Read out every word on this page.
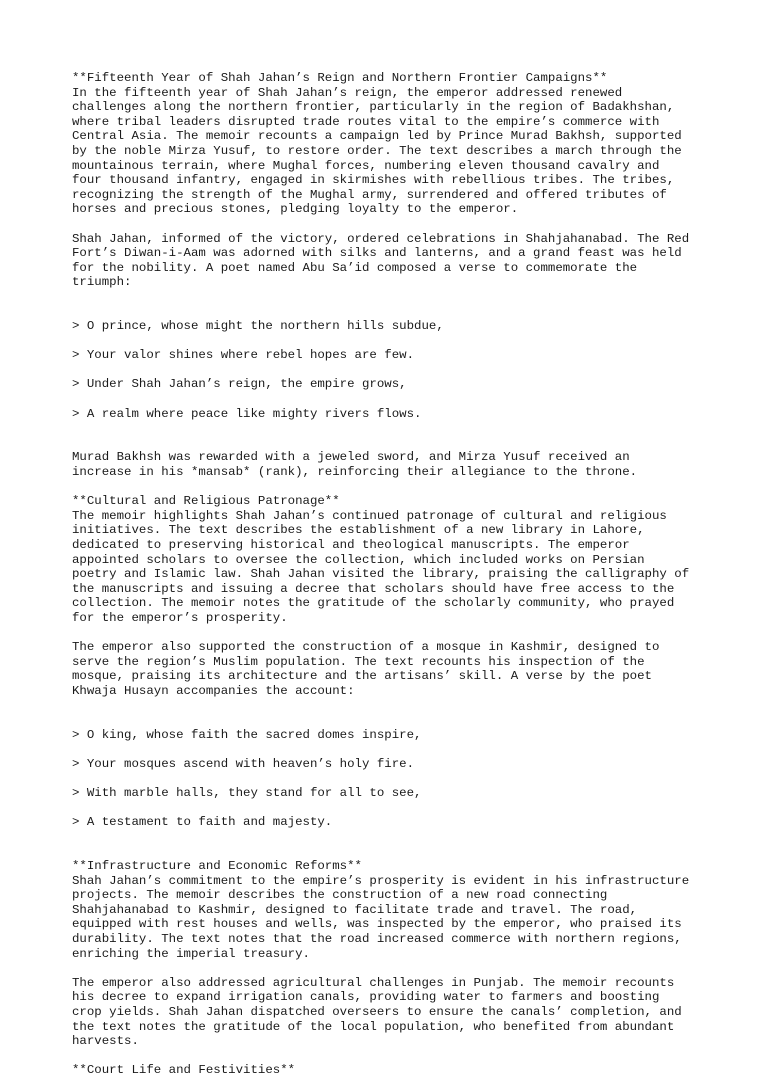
**Fifteenth Year of Shah Jahan’s Reign and Northern Frontier Campaigns**
In the fifteenth year of Shah Jahan’s reign, the emperor addressed renewed
challenges along the northern frontier, particularly in the region of Badakhshan,
where tribal leaders disrupted trade routes vital to the empire’s commerce with
Central Asia. The memoir recounts a campaign led by Prince Murad Bakhsh, supported
by the noble Mirza Yusuf, to restore order. The text describes a march through the
mountainous terrain, where Mughal forces, numbering eleven thousand cavalry and
four thousand infantry, engaged in skirmishes with rebellious tribes. The tribes,
recognizing the strength of the Mughal army, surrendered and offered tributes of
horses and precious stones, pledging loyalty to the emperor.
Shah Jahan, informed of the victory, ordered celebrations in Shahjahanabad. The Red
Fort’s Diwan-i-Aam was adorned with silks and lanterns, and a grand feast was held
for the nobility. A poet named Abu Sa’id composed a verse to commemorate the
triumph:

> O prince, whose might the northern hills subdue,

> Your valor shines where rebel hopes are few.

> Under Shah Jahan’s reign, the empire grows,

> A realm where peace like mighty rivers flows.

Murad Bakhsh was rewarded with a jeweled sword, and Mirza Yusuf received an
increase in his *mansab* (rank), reinforcing their allegiance to the throne.
**Cultural and Religious Patronage**
The memoir highlights Shah Jahan’s continued patronage of cultural and religious
initiatives. The text describes the establishment of a new library in Lahore,
dedicated to preserving historical and theological manuscripts. The emperor
appointed scholars to oversee the collection, which included works on Persian
poetry and Islamic law. Shah Jahan visited the library, praising the calligraphy of
the manuscripts and issuing a decree that scholars should have free access to the
collection. The memoir notes the gratitude of the scholarly community, who prayed
for the emperor’s prosperity.
The emperor also supported the construction of a mosque in Kashmir, designed to
serve the region’s Muslim population. The text recounts his inspection of the
mosque, praising its architecture and the artisans’ skill. A verse by the poet
Khwaja Husayn accompanies the account:

> O king, whose faith the sacred domes inspire,

> Your mosques ascend with heaven’s holy fire.

> With marble halls, they stand for all to see,

> A testament to faith and majesty.

**Infrastructure and Economic Reforms**
Shah Jahan’s commitment to the empire’s prosperity is evident in his infrastructure
projects. The memoir describes the construction of a new road connecting
Shahjahanabad to Kashmir, designed to facilitate trade and travel. The road,
equipped with rest houses and wells, was inspected by the emperor, who praised its
durability. The text notes that the road increased commerce with northern regions,
enriching the imperial treasury.
The emperor also addressed agricultural challenges in Punjab. The memoir recounts
his decree to expand irrigation canals, providing water to farmers and boosting
crop yields. Shah Jahan dispatched overseers to ensure the canals’ completion, and
the text notes the gratitude of the local population, who benefited from abundant
harvests.
**Court Life and Festivities**
